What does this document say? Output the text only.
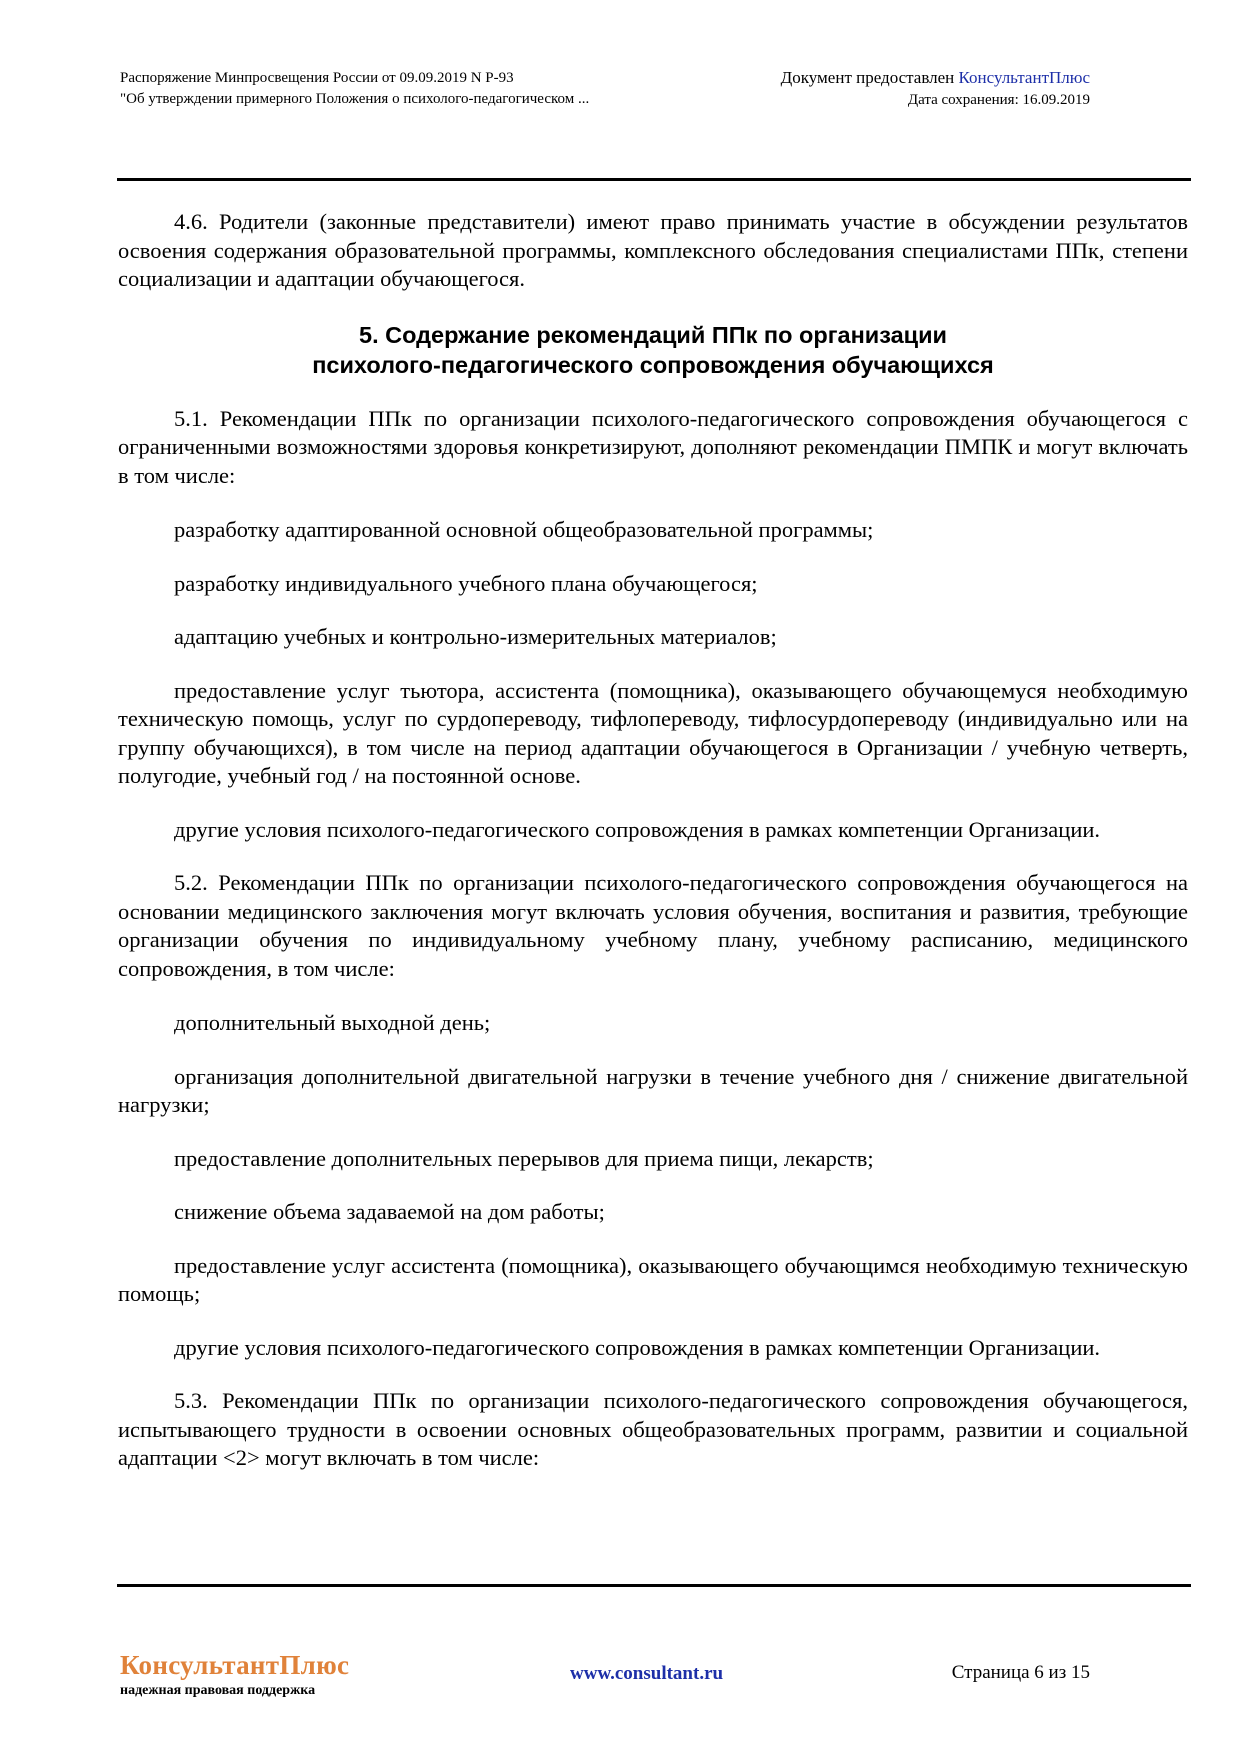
Распоряжение Минпросвещения России от 09.09.2019 N Р-93
"Об утверждении примерного Положения о психолого-педагогическом ...
Документ предоставлен КонсультантПлюс
Дата сохранения: 16.09.2019

4.6. Родители (законные представители) имеют право принимать участие в обсуждении результатов освоения содержания образовательной программы, комплексного обследования специалистами ППк, степени социализации и адаптации обучающегося.

5. Содержание рекомендаций ППк по организации
психолого-педагогического сопровождения обучающихся

5.1. Рекомендации ППк по организации психолого-педагогического сопровождения обучающегося с ограниченными возможностями здоровья конкретизируют, дополняют рекомендации ПМПК и могут включать в том числе:

разработку адаптированной основной общеобразовательной программы;

разработку индивидуального учебного плана обучающегося;

адаптацию учебных и контрольно-измерительных материалов;

предоставление услуг тьютора, ассистента (помощника), оказывающего обучающемуся необходимую техническую помощь, услуг по сурдопереводу, тифлопереводу, тифлосурдопереводу (индивидуально или на группу обучающихся), в том числе на период адаптации обучающегося в Организации / учебную четверть, полугодие, учебный год / на постоянной основе.

другие условия психолого-педагогического сопровождения в рамках компетенции Организации.

5.2. Рекомендации ППк по организации психолого-педагогического сопровождения обучающегося на основании медицинского заключения могут включать условия обучения, воспитания и развития, требующие организации обучения по индивидуальному учебному плану, учебному расписанию, медицинского сопровождения, в том числе:

дополнительный выходной день;

организация дополнительной двигательной нагрузки в течение учебного дня / снижение двигательной нагрузки;

предоставление дополнительных перерывов для приема пищи, лекарств;

снижение объема задаваемой на дом работы;

предоставление услуг ассистента (помощника), оказывающего обучающимся необходимую техническую помощь;

другие условия психолого-педагогического сопровождения в рамках компетенции Организации.

5.3. Рекомендации ППк по организации психолого-педагогического сопровождения обучающегося, испытывающего трудности в освоении основных общеобразовательных программ, развитии и социальной адаптации <2> могут включать в том числе:

КонсультантПлюс
надежная правовая поддержка
www.consultant.ru	Страница 6 из 15
